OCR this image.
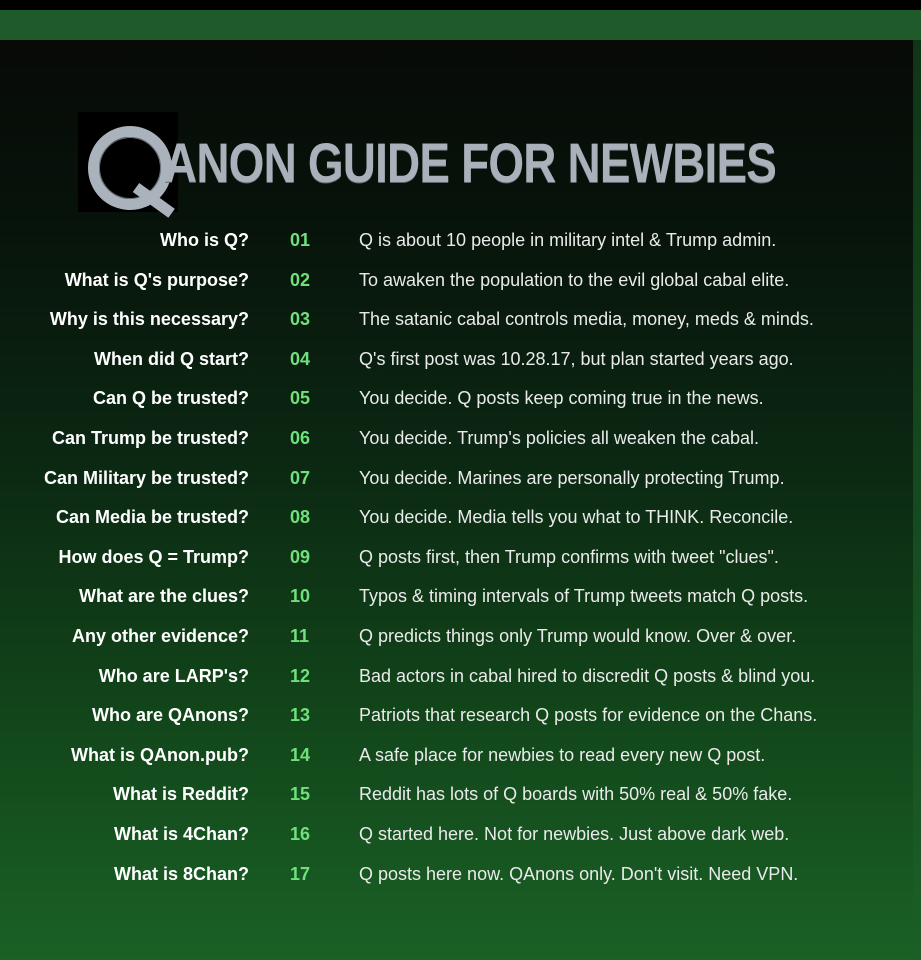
ANON GUIDE FOR NEWBIES
Who is Q? 01	Q is about 10 people in military intel & Trump admin.
What is Q's purpose? 02	To awaken the population to the evil global cabal elite.
Why is this necessary? 03	The satanic cabal controls media, money, meds & minds.
When did Q start? 04	Q's first post was 10.28.17, but plan started years ago.
Can Q be trusted? 05	You decide. Q posts keep coming true in the news.
Can Trump be trusted? 06	You decide. Trump's policies all weaken the cabal.
Can Military be trusted? 07	You decide. Marines are personally protecting Trump.
Can Media be trusted? 08	You decide. Media tells you what to THINK. Reconcile.
How does Q = Trump? 09	Q posts first, then Trump confirms with tweet "clues".
What are the clues? 10	Typos & timing intervals of Trump tweets match Q posts.
Any other evidence? 11	Q predicts things only Trump would know. Over & over.
Who are LARP's? 12	Bad actors in cabal hired to discredit Q posts & blind you.
Who are QAnons? 13	Patriots that research Q posts for evidence on the Chans.
What is QAnon.pub? 14	A safe place for newbies to read every new Q post.
What is Reddit? 15	Reddit has lots of Q boards with 50% real & 50% fake.
What is 4Chan? 16	Q started here. Not for newbies. Just above dark web.
What is 8Chan? 17	Q posts here now. QAnons only. Don't visit. Need VPN.
